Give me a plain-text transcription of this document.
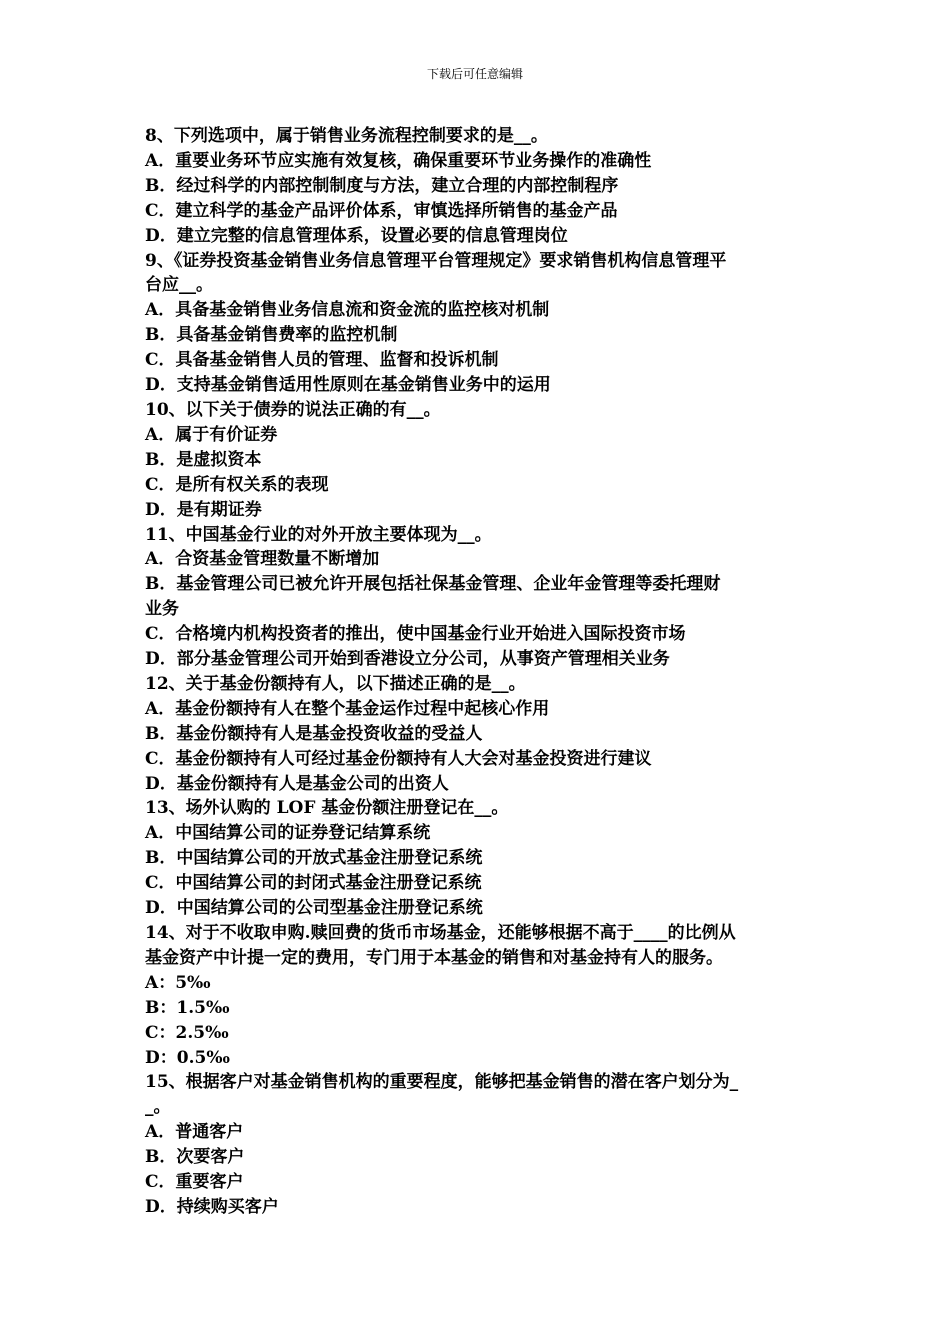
下载后可任意编辑
8、下列选项中，属于销售业务流程控制要求的是__。
A．重要业务环节应实施有效复核，确保重要环节业务操作的准确性
B．经过科学的内部控制制度与方法，建立合理的内部控制程序
C．建立科学的基金产品评价体系，审慎选择所销售的基金产品
D．建立完整的信息管理体系，设置必要的信息管理岗位
9、《证券投资基金销售业务信息管理平台管理规定》要求销售机构信息管理平
台应__。
A．具备基金销售业务信息流和资金流的监控核对机制
B．具备基金销售费率的监控机制
C．具备基金销售人员的管理、监督和投诉机制
D．支持基金销售适用性原则在基金销售业务中的运用
10、以下关于债券的说法正确的有__。
A．属于有价证券
B．是虚拟资本
C．是所有权关系的表现
D．是有期证券
11、中国基金行业的对外开放主要体现为__。
A．合资基金管理数量不断增加
B．基金管理公司已被允许开展包括社保基金管理、企业年金管理等委托理财
业务
C．合格境内机构投资者的推出，使中国基金行业开始进入国际投资市场
D．部分基金管理公司开始到香港设立分公司，从事资产管理相关业务
12、关于基金份额持有人，以下描述正确的是__。
A．基金份额持有人在整个基金运作过程中起核心作用
B．基金份额持有人是基金投资收益的受益人
C．基金份额持有人可经过基金份额持有人大会对基金投资进行建议
D．基金份额持有人是基金公司的出资人
13、场外认购的 LOF 基金份额注册登记在__。
A．中国结算公司的证券登记结算系统
B．中国结算公司的开放式基金注册登记系统
C．中国结算公司的封闭式基金注册登记系统
D．中国结算公司的公司型基金注册登记系统
14、对于不收取申购.赎回费的货币市场基金，还能够根据不高于____的比例从
基金资产中计提一定的费用，专门用于本基金的销售和对基金持有人的服务。
A：5‰
B：1.5‰
C：2.5‰
D：0.5‰
15、根据客户对基金销售机构的重要程度，能够把基金销售的潜在客户划分为_
_。
A．普通客户
B．次要客户
C．重要客户
D．持续购买客户
